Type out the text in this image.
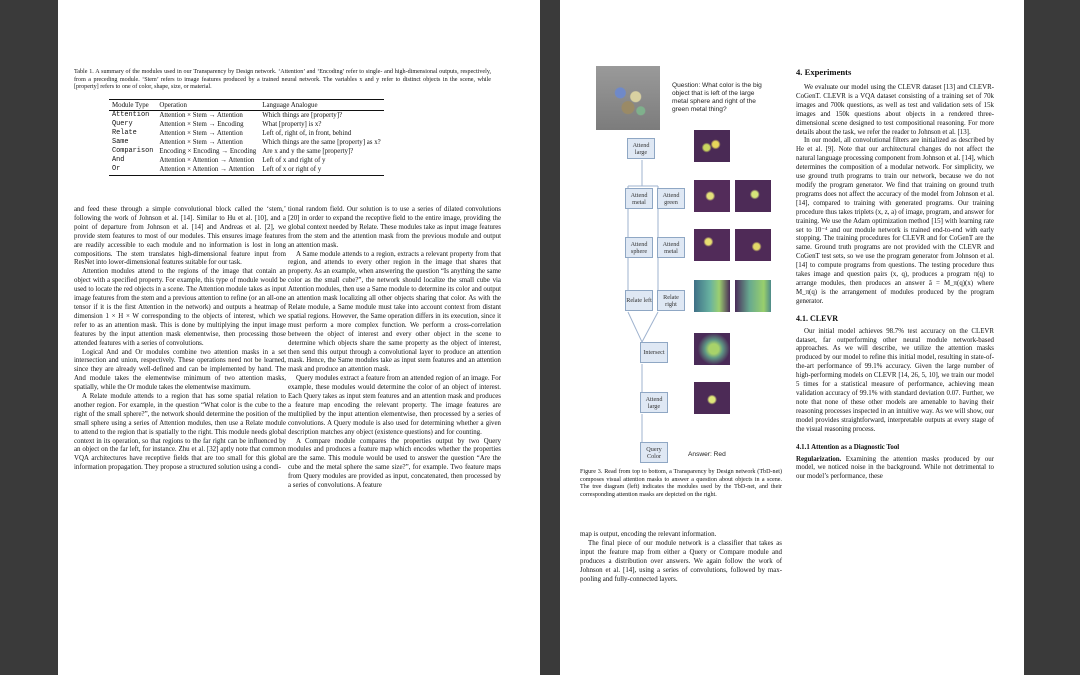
Table 1. A summary of the modules used in our Transparency by Design network. ‘Attention’ and ‘Encoding’ refer to single- and high-dimensional outputs, respectively, from a preceding module. ‘Stem’ refers to image features produced by a trained neural network. The variables x and y refer to distinct objects in the scene, while [property] refers to one of color, shape, size, or material.

Module Type	Operation	Language Analogue
Attention	Attention × Stem → Attention	Which things are [property]?
Query	Attention × Stem → Encoding	What [property] is x?
Relate	Attention × Stem → Attention	Left of, right of, in front, behind
Same	Attention × Stem → Attention	Which things are the same [property] as x?
Comparison	Encoding × Encoding → Encoding	Are x and y the same [property]?
And	Attention × Attention → Attention	Left of x and right of y
Or	Attention × Attention → Attention	Left of x or right of y

and feed these through a simple convolutional block called the ‘stem,’ following the work of Johnson et al. [14]. Similar to Hu et al. [10], and a point of departure from Johnson et al. [14] and Andreas et al. [2], we provide stem features to most of our modules. This ensures image features are readily accessible to each module and no information is lost in long compositions. The stem translates high-dimensional feature input from ResNet into lower-dimensional features suitable for our task.

Attention modules attend to the regions of the image that contain an object with a specified property. For example, this type of module would be used to locate the red objects in a scene. The Attention module takes as input image features from the stem and a previous attention to refine (or an all-one tensor if it is the first Attention in the network) and outputs a heatmap of dimension 1 × H × W corresponding to the objects of interest, which we refer to as an attention mask. This is done by multiplying the input image features by the input attention mask elementwise, then processing those attended features with a series of convolutions.

Logical And and Or modules combine two attention masks in a set intersection and union, respectively. These operations need not be learned, since they are already well-defined and can be implemented by hand. The And module takes the elementwise minimum of two attention masks, spatially, while the Or module takes the elementwise maximum.

A Relate module attends to a region that has some spatial relation to another region. For example, in the question “What color is the cube to the right of the small sphere?”, the network should determine the position of the small sphere using a series of Attention modules, then use a Relate module to attend to the region that is spatially to the right. This module needs global context in its operation, so that regions to the far right can be influenced by an object on the far left, for instance. Zhu et al. [32] aptly note that common VQA architectures have receptive fields that are too small for this global information propagation. They propose a structured solution using a condi-

tional random field. Our solution is to use a series of dilated convolutions [20] in order to expand the receptive field to the entire image, providing the global context needed by Relate. These modules take as input image features from the stem and the attention mask from the previous module and output an attention mask.

A Same module attends to a region, extracts a relevant property from that region, and attends to every other region in the image that shares that property. As an example, when answering the question “Is anything the same color as the small cube?”, the network should localize the small cube via Attention modules, then use a Same module to determine its color and output an attention mask localizing all other objects sharing that color. As with the Relate module, a Same module must take into account context from distant spatial regions. However, the Same operation differs in its execution, since it must perform a more complex function. We perform a cross-correlation between the object of interest and every other object in the scene to determine which objects share the same property as the object of interest, then send this output through a convolutional layer to produce an attention mask. Hence, the Same modules take as input stem features and an attention mask and produce an attention mask.

Query modules extract a feature from an attended region of an image. For example, these modules would determine the color of an object of interest. Each Query takes as input stem features and an attention mask and produces a feature map encoding the relevant property. The image features are multiplied by the input attention elementwise, then processed by a series of convolutions. A Query module is also used for determining whether a given description matches any object (existence questions) and for counting.

A Compare module compares the properties output by two Query modules and produces a feature map which encodes whether the properties are the same. This module would be used to answer the question “Are the cube and the metal sphere the same size?”, for example. Two feature maps from Query modules are provided as input, concatenated, then processed by a series of convolutions. A feature

Question: What color is the big object that is left of the large metal sphere and right of the green metal thing?

Attend large
Attend metal
Attend green
Attend sphere
Attend metal
Relate left	Relate right
Intersect
Attend large
Query Color	Answer: Red

Figure 3. Read from top to bottom, a Transparency by Design network (TbD-net) composes visual attention masks to answer a question about objects in a scene. The tree diagram (left) indicates the modules used by the TbD-net, and their corresponding attention masks are depicted on the right.

map is output, encoding the relevant information.

The final piece of our module network is a classifier that takes as input the feature map from either a Query or Compare module and produces a distribution over answers. We again follow the work of Johnson et al. [14], using a series of convolutions, followed by max-pooling and fully-connected layers.

4. Experiments

We evaluate our model using the CLEVR dataset [13] and CLEVR-CoGenT. CLEVR is a VQA dataset consisting of a training set of 70k images and 700k questions, as well as test and validation sets of 15k images and 150k questions about objects in a rendered three-dimensional scene designed to test compositional reasoning. For more details about the task, we refer the reader to Johnson et al. [13].

In our model, all convolutional filters are initialized as described by He et al. [9]. Note that our architectural changes do not affect the natural language processing component from Johnson et al. [14], which determines the composition of a modular network. For simplicity, we use ground truth programs to train our network, because we do not modify the program generator. We find that training on ground truth programs does not affect the accuracy of the model from Johnson et al. [14], compared to training with generated programs. Our training procedure thus takes triplets (x, z, a) of image, program, and answer for training. We use the Adam optimization method [15] with learning rate set to 10⁻⁴ and our module network is trained end-to-end with early stopping. The training procedures for CLEVR and for CoGenT are the same. Ground truth programs are not provided with the CLEVR and CoGenT test sets, so we use the program generator from Johnson et al. [14] to compute programs from questions. The testing procedure thus takes image and question pairs (x, q), produces a program π(q) to arrange modules, then produces an answer â = M_π(q)(x) where M_π(q) is the arrangement of modules produced by the program generator.

4.1. CLEVR

Our initial model achieves 98.7% test accuracy on the CLEVR dataset, far outperforming other neural module network-based approaches. As we will describe, we utilize the attention masks produced by our model to refine this initial model, resulting in state-of-the-art performance of 99.1% accuracy. Given the large number of high-performing models on CLEVR [14, 26, 5, 10], we train our model 5 times for a statistical measure of performance, achieving mean validation accuracy of 99.1% with standard deviation 0.07. Further, we note that none of these other models are amenable to having their reasoning processes inspected in an intuitive way. As we will show, our model provides straightforward, interpretable outputs at every stage of the visual reasoning process.

4.1.1 Attention as a Diagnostic Tool

Regularization. Examining the attention masks produced by our model, we noticed noise in the background. While not detrimental to our model’s performance, these
